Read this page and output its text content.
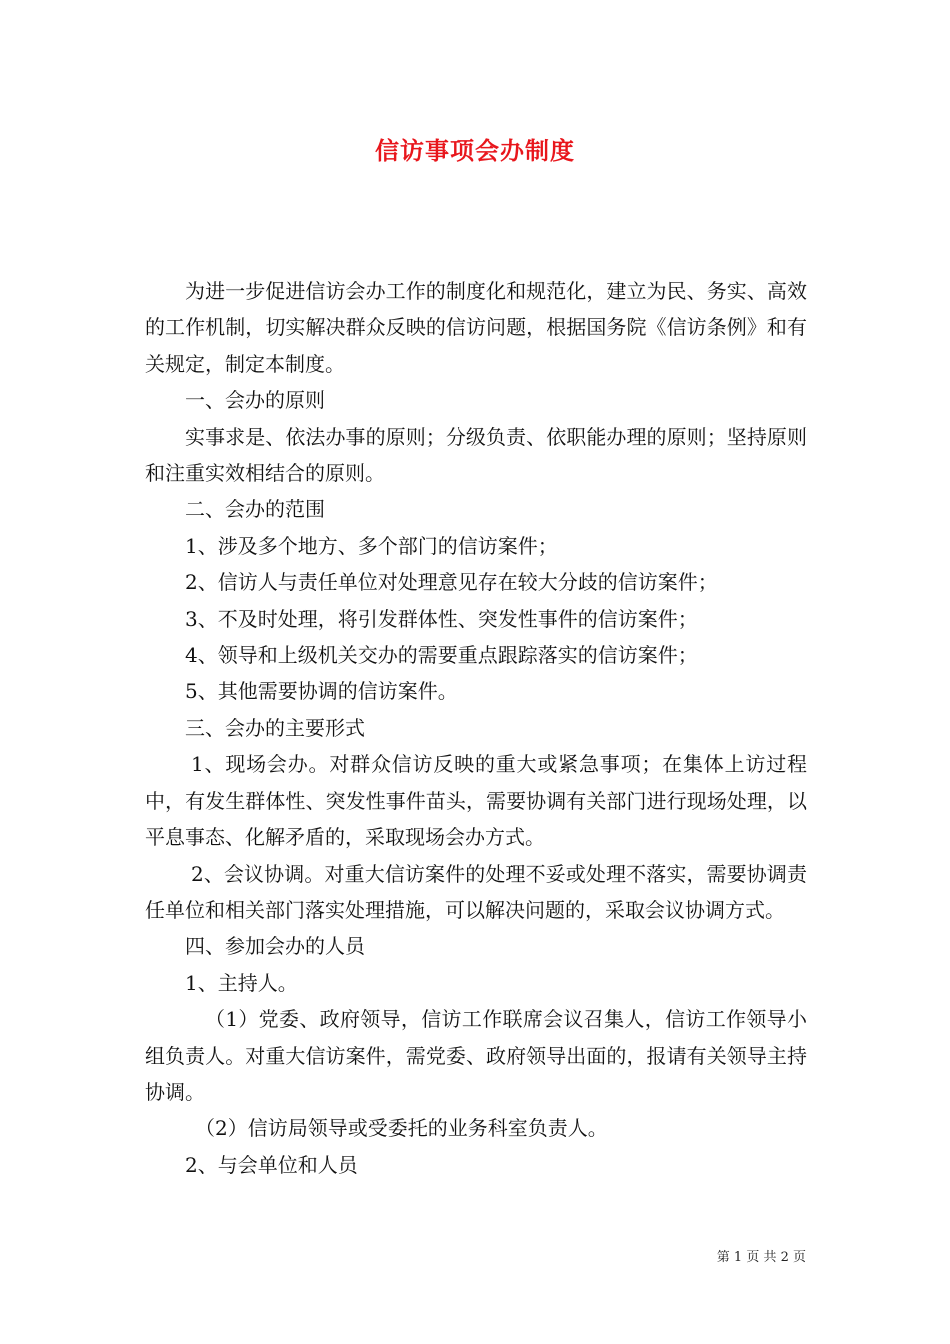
信访事项会办制度

为进一步促进信访会办工作的制度化和规范化，建立为民、务实、高效的工作机制，切实解决群众反映的信访问题，根据国务院《信访条例》和有关规定，制定本制度。

一、会办的原则

实事求是、依法办事的原则；分级负责、依职能办理的原则；坚持原则和注重实效相结合的原则。

二、会办的范围

1、涉及多个地方、多个部门的信访案件；

2、信访人与责任单位对处理意见存在较大分歧的信访案件；

3、不及时处理，将引发群体性、突发性事件的信访案件；

4、领导和上级机关交办的需要重点跟踪落实的信访案件；

5、其他需要协调的信访案件。

三、会办的主要形式

1、现场会办。对群众信访反映的重大或紧急事项；在集体上访过程中，有发生群体性、突发性事件苗头，需要协调有关部门进行现场处理，以平息事态、化解矛盾的，采取现场会办方式。

2、会议协调。对重大信访案件的处理不妥或处理不落实，需要协调责任单位和相关部门落实处理措施，可以解决问题的，采取会议协调方式。

四、参加会办的人员

1、主持人。

（1）党委、政府领导，信访工作联席会议召集人，信访工作领导小组负责人。对重大信访案件，需党委、政府领导出面的，报请有关领导主持协调。

（2）信访局领导或受委托的业务科室负责人。

2、与会单位和人员

第 1 页 共 2 页
